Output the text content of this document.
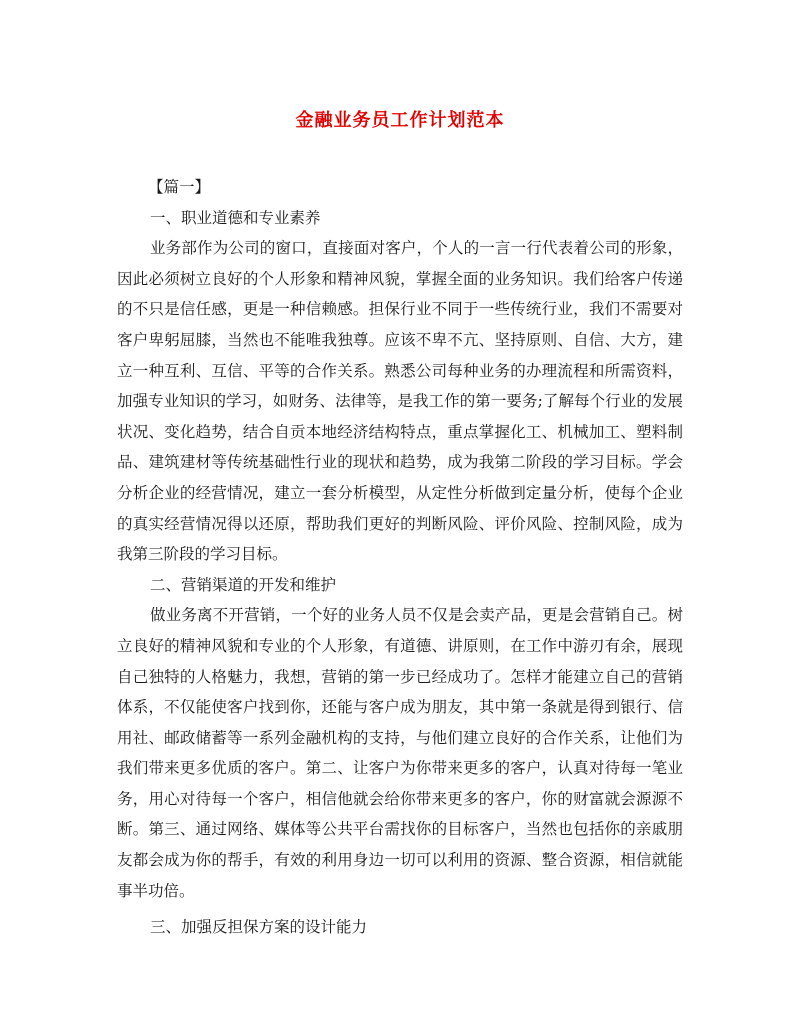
金融业务员工作计划范本

【篇一】

一、职业道德和专业素养

业务部作为公司的窗口，直接面对客户，个人的一言一行代表着公司的形象，因此必须树立良好的个人形象和精神风貌，掌握全面的业务知识。我们给客户传递的不只是信任感，更是一种信赖感。担保行业不同于一些传统行业，我们不需要对客户卑躬屈膝，当然也不能唯我独尊。应该不卑不亢、坚持原则、自信、大方，建立一种互利、互信、平等的合作关系。熟悉公司每种业务的办理流程和所需资料，加强专业知识的学习，如财务、法律等，是我工作的第一要务;了解每个行业的发展状况、变化趋势，结合自贡本地经济结构特点，重点掌握化工、机械加工、塑料制品、建筑建材等传统基础性行业的现状和趋势，成为我第二阶段的学习目标。学会分析企业的经营情况，建立一套分析模型，从定性分析做到定量分析，使每个企业的真实经营情况得以还原，帮助我们更好的判断风险、评价风险、控制风险，成为我第三阶段的学习目标。

二、营销渠道的开发和维护

做业务离不开营销，一个好的业务人员不仅是会卖产品，更是会营销自己。树立良好的精神风貌和专业的个人形象，有道德、讲原则，在工作中游刃有余，展现自己独特的人格魅力，我想，营销的第一步已经成功了。怎样才能建立自己的营销体系，不仅能使客户找到你，还能与客户成为朋友，其中第一条就是得到银行、信用社、邮政储蓄等一系列金融机构的支持，与他们建立良好的合作关系，让他们为我们带来更多优质的客户。第二、让客户为你带来更多的客户，认真对待每一笔业务，用心对待每一个客户，相信他就会给你带来更多的客户，你的财富就会源源不断。第三、通过网络、媒体等公共平台需找你的目标客户，当然也包括你的亲戚朋友都会成为你的帮手，有效的利用身边一切可以利用的资源、整合资源，相信就能事半功倍。

三、加强反担保方案的设计能力
